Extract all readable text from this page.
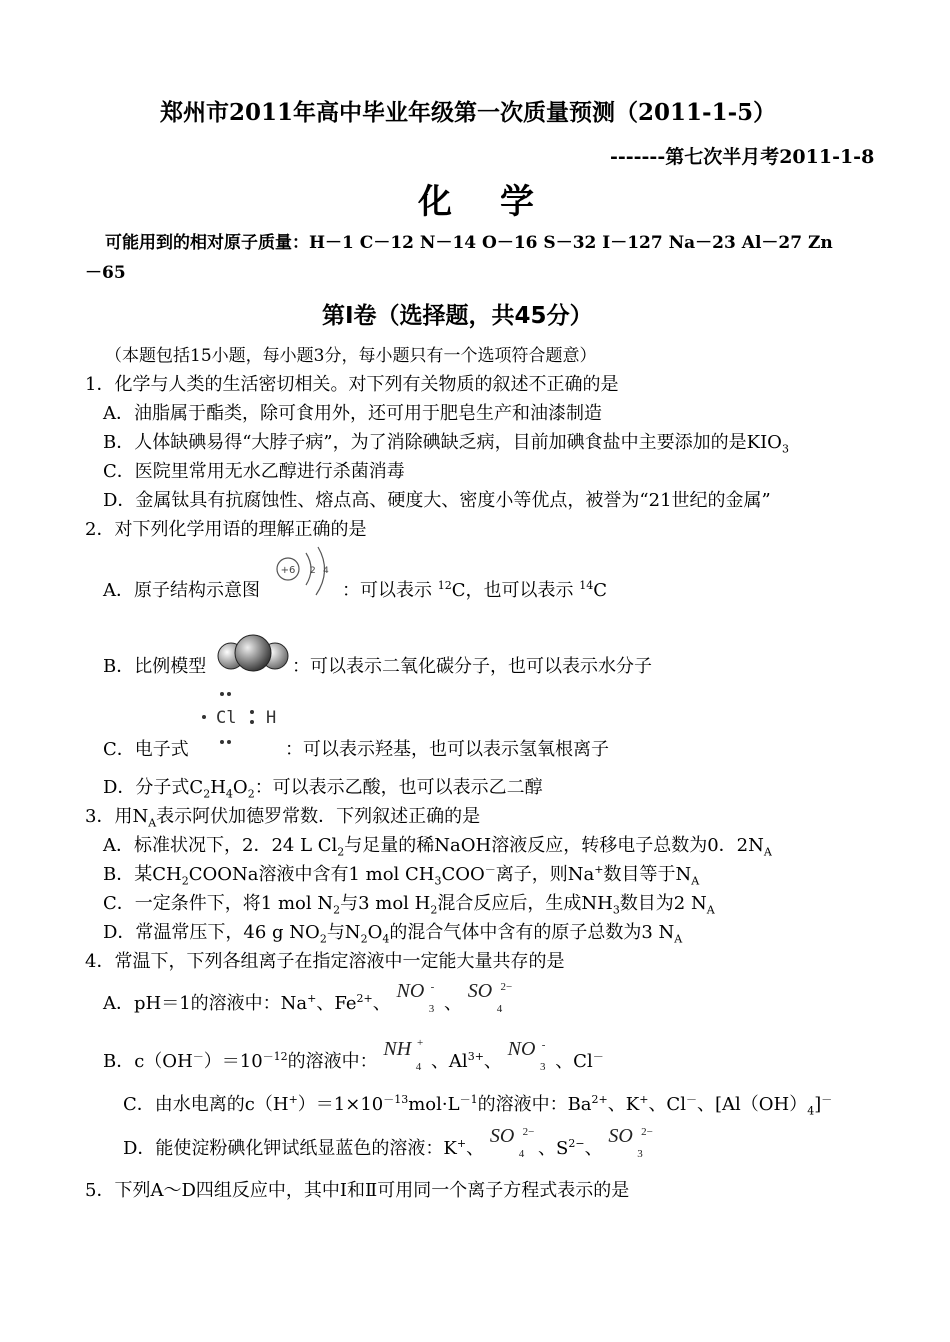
郑州市2011年高中毕业年级第一次质量预测（2011-1-5）
-------第七次半月考2011-1-8
化学
可能用到的相对原子质量：H－1 C－12 N－14 O－16 S－32 I－127 Na－23 Al－27 Zn
－65
第Ⅰ卷（选择题，共45分）
（本题包括15小题，每小题3分，每小题只有一个选项符合题意）
1．化学与人类的生活密切相关。对下列有关物质的叙述不正确的是
A．油脂属于酯类，除可食用外，还可用于肥皂生产和油漆制造
B．人体缺碘易得“大脖子病”，为了消除碘缺乏病，目前加碘食盐中主要添加的是$KIO_3$
C．医院里常用无水乙醇进行杀菌消毒
D．金属钛具有抗腐蚀性、熔点高、硬度大、密度小等优点，被誉为“21世纪的金属”
2．对下列化学用语的理解正确的是
A．原子结构示意图
+6 2 4
：可以表示 $^{12}$C，也可以表示 $^{14}$C
B．比例模型	：可以表示二氧化碳分子，也可以表示水分子
Cl H
C．电子式	：可以表示羟基，也可以表示氢氧根离子
D．分子式$C_2H_4O_2$：可以表示乙酸，也可以表示乙二醇
3．用$N_A$表示阿伏加德罗常数．下列叙述正确的是
A．标准状况下，2．24 L $Cl_2$与足量的稀NaOH溶液反应，转移电子总数为0．$2N_A$
B．某$CH_2COONa$溶液中含有1 mol $CH_3COO^-$离子，则Na+数目等于$N_A$
C．一定条件下，将1 mol $N_2$与3 mol $H_2$混合反应后，生成$NH_3$数目为2 $N_A$
D．常温常压下，46 g $NO_2$与$N_2O_4$的混合气体中含有的原子总数为3 $N_A$
4．常温下，下列各组离子在指定溶液中一定能大量共存的是
A．pH＝1的溶液中：Na+、$Fe^{2+}$、 NO
3
-
、 SO
4
2−
B．$c(OH^-)=10^{-12}$的溶液中： NH
4
+
、$Al^{3+}$、 NO
3
-
、Cl－
C．由水电离的$c(H^+)=1\times 10^{-13}mol\cdot L^{-1}$的溶液中：$Ba^{2+}$、K+、Cl－、$[Al(OH)_4]^-$
D．能使淀粉碘化钾试纸显蓝色的溶液：K+、 SO
4
2−
、$S^{2-}$、 SO
3
2−
5．下列A～D四组反应中，其中Ⅰ和Ⅱ可用同一个离子方程式表示的是
